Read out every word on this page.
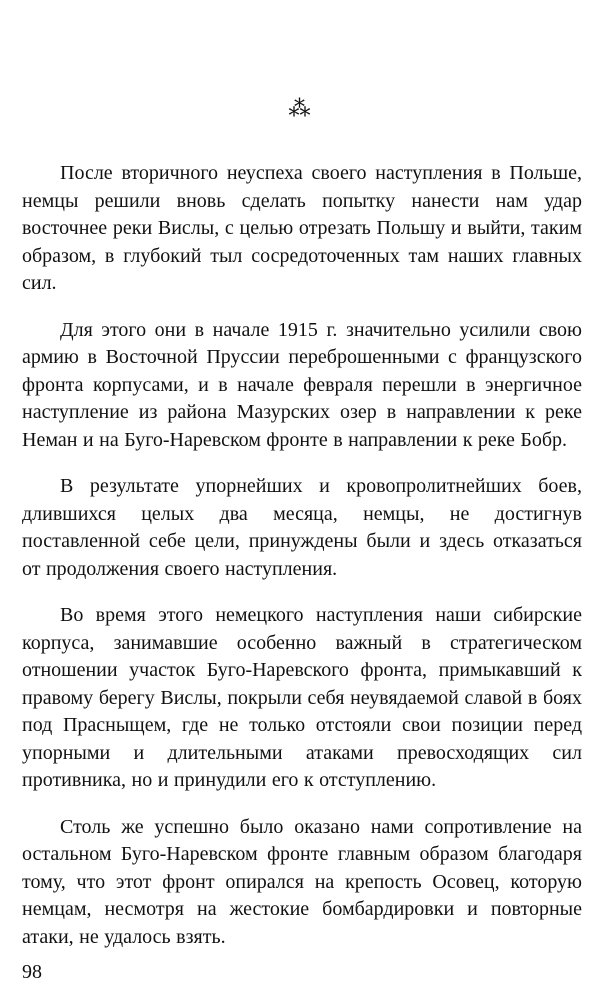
⁂

После вторичного неуспеха своего наступления в Польше, немцы решили вновь сделать попытку нанести нам удар восточнее реки Вислы, с целью отрезать Польшу и выйти, таким образом, в глубокий тыл сосредоточенных там наших главных сил.

Для этого они в начале 1915 г. значительно усилили свою армию в Восточной Пруссии переброшенными с французского фронта корпусами, и в начале февраля перешли в энергичное наступление из района Мазурских озер в направлении к реке Неман и на Буго-Наревском фронте в направлении к реке Бобр.

В результате упорнейших и кровопролитнейших боев, длившихся целых два месяца, немцы, не достигнув поставленной себе цели, принуждены были и здесь отказаться от продолжения своего наступления.

Во время этого немецкого наступления наши сибирские корпуса, занимавшие особенно важный в стратегическом отношении участок Буго-Наревского фронта, примыкавший к правому берегу Вислы, покрыли себя неувядаемой славой в боях под Прасныщем, где не только отстояли свои позиции перед упорными и длительными атаками превосходящих сил противника, но и принудили его к отступлению.

Столь же успешно было оказано нами сопротивление на остальном Буго-Наревском фронте главным образом благодаря тому, что этот фронт опирался на крепость Осовец, которую немцам, несмотря на жестокие бомбардировки и повторные атаки, не удалось взять.

98
